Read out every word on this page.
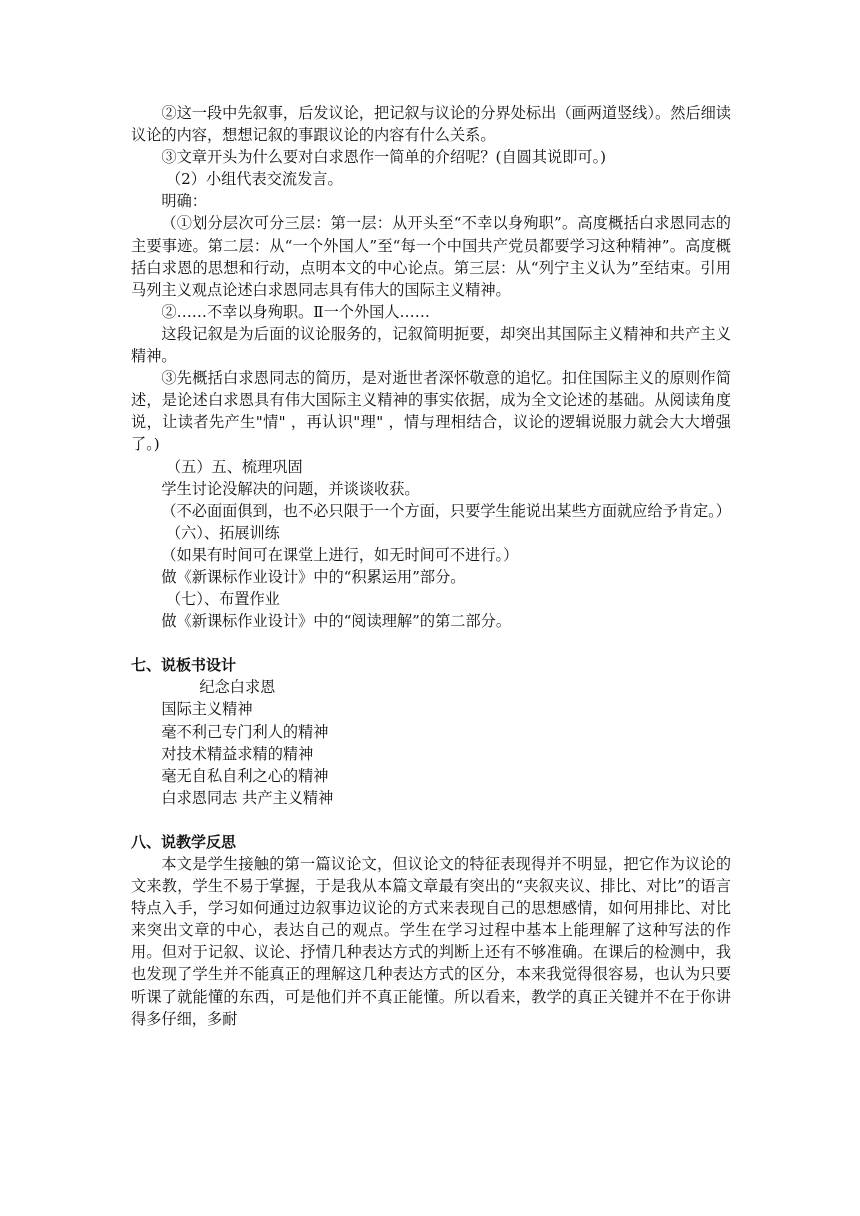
②这一段中先叙事，后发议论，把记叙与议论的分界处标出（画两道竖线）。然后细读议论的内容，想想记叙的事跟议论的内容有什么关系。

③文章开头为什么要对白求恩作一简单的介绍呢？(自圆其说即可。)

（2）小组代表交流发言。

明确：

（①划分层次可分三层：第一层：从开头至“不幸以身殉职”。高度概括白求恩同志的主要事迹。第二层：从“一个外国人”至“每一个中国共产党员都要学习这种精神”。高度概括白求恩的思想和行动，点明本文的中心论点。第三层：从“列宁主义认为”至结束。引用马列主义观点论述白求恩同志具有伟大的国际主义精神。

②……不幸以身殉职。Ⅱ一个外国人……

这段记叙是为后面的议论服务的，记叙简明扼要，却突出其国际主义精神和共产主义精神。

③先概括白求恩同志的简历，是对逝世者深怀敬意的追忆。扣住国际主义的原则作简述，是论述白求恩具有伟大国际主义精神的事实依据，成为全文论述的基础。从阅读角度说，让读者先产生"情" ，再认识"理" ，情与理相结合，议论的逻辑说服力就会大大增强了。)

（五）五、梳理巩固

学生讨论没解决的问题，并谈谈收获。

（不必面面俱到，也不必只限于一个方面，只要学生能说出某些方面就应给予肯定。）

（六）、拓展训练

（如果有时间可在课堂上进行，如无时间可不进行。）

做《新课标作业设计》中的“积累运用”部分。

（七）、布置作业

做《新课标作业设计》中的“阅读理解”的第二部分。

七、说板书设计

纪念白求恩

国际主义精神

毫不利己专门利人的精神

对技术精益求精的精神

毫无自私自利之心的精神

白求恩同志 共产主义精神

八、说教学反思

本文是学生接触的第一篇议论文，但议论文的特征表现得并不明显，把它作为议论的文来教，学生不易于掌握，于是我从本篇文章最有突出的“夹叙夹议、排比、对比”的语言特点入手，学习如何通过边叙事边议论的方式来表现自己的思想感情，如何用排比、对比来突出文章的中心，表达自己的观点。学生在学习过程中基本上能理解了这种写法的作用。但对于记叙、议论、抒情几种表达方式的判断上还有不够准确。在课后的检测中，我也发现了学生并不能真正的理解这几种表达方式的区分，本来我觉得很容易，也认为只要听课了就能懂的东西，可是他们并不真正能懂。所以看来，教学的真正关键并不在于你讲得多仔细，多耐
